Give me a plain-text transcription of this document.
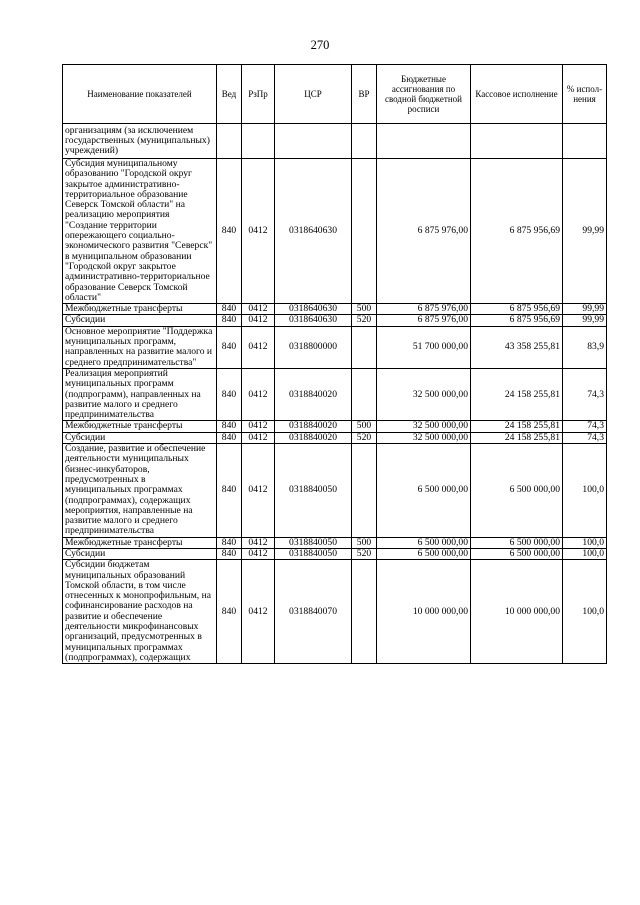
270
Наименование показателей	Вед	РзПр	ЦСР	ВР	Бюджетные ассигнования по сводной бюджетной росписи	Кассовое исполнение	% испол-нения
организациям (за исключением государственных (муниципальных) учреждений)							
Субсидия муниципальному образованию "Городской округ закрытое административно-территориальное образование Северск Томской области" на реализацию мероприятия "Создание территории опережающего социально-экономического развития "Северск" в муниципальном образовании "Городской округ закрытое административно-территориальное образование Северск Томской области"	840	0412	0318640630		6 875 976,00	6 875 956,69	99,99
Межбюджетные трансферты	840	0412	0318640630	500	6 875 976,00	6 875 956,69	99,99
Субсидии	840	0412	0318640630	520	6 875 976,00	6 875 956,69	99,99
Основное мероприятие "Поддержка муниципальных программ, направленных на развитие малого и среднего предпринимательства"	840	0412	0318800000		51 700 000,00	43 358 255,81	83,9
Реализация мероприятий муниципальных программ (подпрограмм), направленных на развитие малого и среднего предпринимательства	840	0412	0318840020		32 500 000,00	24 158 255,81	74,3
Межбюджетные трансферты	840	0412	0318840020	500	32 500 000,00	24 158 255,81	74,3
Субсидии	840	0412	0318840020	520	32 500 000,00	24 158 255,81	74,3
Создание, развитие и обеспечение деятельности муниципальных бизнес-инкубаторов, предусмотренных в муниципальных программах (подпрограммах), содержащих мероприятия, направленные на развитие малого и среднего предпринимательства	840	0412	0318840050		6 500 000,00	6 500 000,00	100,0
Межбюджетные трансферты	840	0412	0318840050	500	6 500 000,00	6 500 000,00	100,0
Субсидии	840	0412	0318840050	520	6 500 000,00	6 500 000,00	100,0
Субсидии бюджетам муниципальных образований Томской области, в том числе отнесенных к монопрофильным, на софинансирование расходов на развитие и обеспечение деятельности микрофинансовых организаций, предусмотренных в муниципальных программах (подпрограммах), содержащих	840	0412	0318840070		10 000 000,00	10 000 000,00	100,0
